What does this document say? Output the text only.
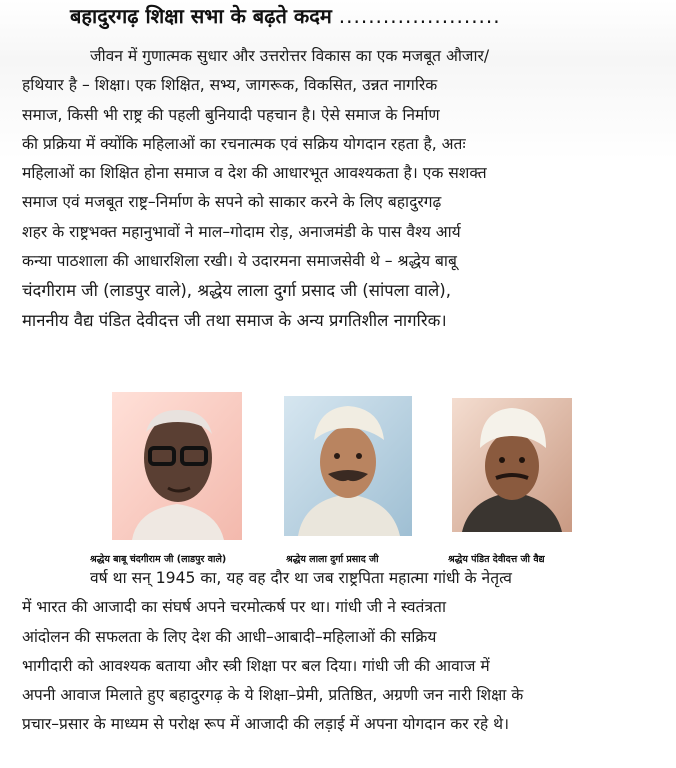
बहादुरगढ़ शिक्षा सभा के बढ़ते कदम ......................
जीवन में गुणात्मक सुधार और उत्तरोत्तर विकास का एक मजबूत औजार/
हथियार है – शिक्षा। एक शिक्षित, सभ्य, जागरूक, विकसित, उन्नत नागरिक
समाज, किसी भी राष्ट्र की पहली बुनियादी पहचान है। ऐसे समाज के निर्माण
की प्रक्रिया में क्योंकि महिलाओं का रचनात्मक एवं सक्रिय योगदान रहता है, अतः
महिलाओं का शिक्षित होना समाज व देश की आधारभूत आवश्यकता है। एक सशक्त
समाज एवं मजबूत राष्ट्र–निर्माण के सपने को साकार करने के लिए बहादुरगढ़
शहर के राष्ट्रभक्त महानुभावों ने माल–गोदाम रोड़, अनाजमंडी के पास वैश्य आर्य
कन्या पाठशाला की आधारशिला रखी। ये उदारमना समाजसेवी थे – श्रद्धेय बाबू
चंदगीराम जी (लाडपुर वाले), श्रद्धेय लाला दुर्गा प्रसाद जी (सांपला वाले),
माननीय वैद्य पंडित देवीदत्त जी तथा समाज के अन्य प्रगतिशील नागरिक।
श्रद्धेय बाबू चंदगीराम जी (लाडपुर वाले)	श्रद्धेय लाला दुर्गा प्रसाद जी	श्रद्धेय पंडित देवीदत्त जी वैद्य
वर्ष था सन् 1945 का, यह वह दौर था जब राष्ट्रपिता महात्मा गांधी के नेतृत्व
में भारत की आजादी का संघर्ष अपने चरमोत्कर्ष पर था। गांधी जी ने स्वतंत्रता
आंदोलन की सफलता के लिए देश की आधी–आबादी–महिलाओं की सक्रिय
भागीदारी को आवश्यक बताया और स्त्री शिक्षा पर बल दिया। गांधी जी की आवाज में
अपनी आवाज मिलाते हुए बहादुरगढ़ के ये शिक्षा–प्रेमी, प्रतिष्ठित, अग्रणी जन नारी शिक्षा के
प्रचार–प्रसार के माध्यम से परोक्ष रूप में आजादी की लड़ाई में अपना योगदान कर रहे थे।
